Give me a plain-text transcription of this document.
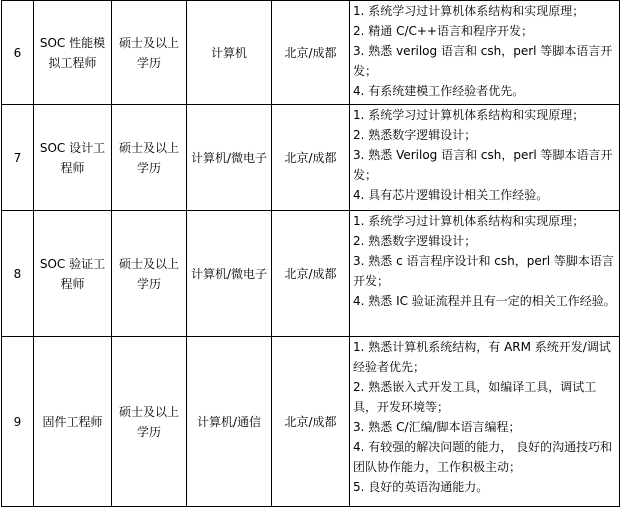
6	SOC 性能模拟工程师	硕士及以上学历	计算机	北京/成都	1. 系统学习过计算机体系结构和实现原理；
2. 精通 C/C++语言和程序开发；
3. 熟悉 verilog 语言和 csh，perl 等脚本语言开发；
4. 有系统建模工作经验者优先。

7	SOC 设计工程师	硕士及以上学历	计算机/微电子	北京/成都	1. 系统学习过计算机体系结构和实现原理；
2. 熟悉数字逻辑设计；
3. 熟悉 Verilog 语言和 csh，perl 等脚本语言开发；
4. 具有芯片逻辑设计相关工作经验。

8	SOC 验证工程师	硕士及以上学历	计算机/微电子	北京/成都	1. 系统学习过计算机体系结构和实现原理；
2. 熟悉数字逻辑设计；
3. 熟悉 c 语言程序设计和 csh，perl 等脚本语言开发；
4. 熟悉 IC 验证流程并且有一定的相关工作经验。

9	固件工程师	硕士及以上学历	计算机/通信	北京/成都	1. 熟悉计算机系统结构，有 ARM 系统开发/调试经验者优先；
2. 熟悉嵌入式开发工具，如编译工具，调试工具，开发环境等；
3. 熟悉 C/汇编/脚本语言编程；
4. 有较强的解决问题的能力， 良好的沟通技巧和团队协作能力，工作积极主动；
5. 良好的英语沟通能力。
